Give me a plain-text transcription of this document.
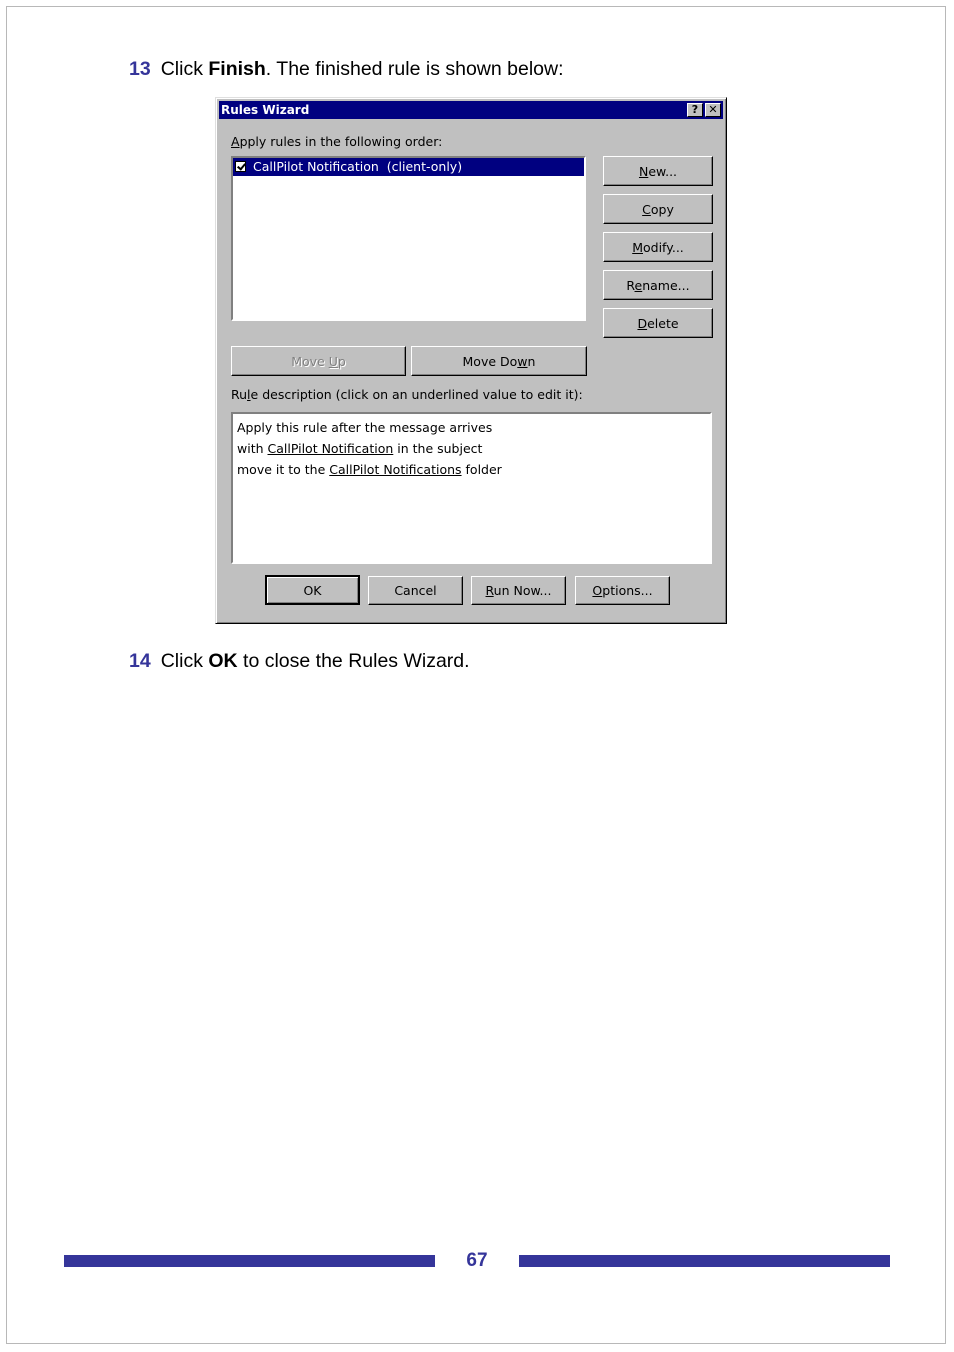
13 Click Finish. The finished rule is shown below:
Rules Wizard	? ✕
Apply rules in the following order:
CallPilot Notification (client-only)	New...
Copy
Modify...
Rename...
Delete
Move Up	Move Down
Rule description (click on an underlined value to edit it):
Apply this rule after the message arrives
with CallPilot Notification in the subject
move it to the CallPilot Notifications folder
OK	Cancel	Run Now...	Options...
14 Click OK to close the Rules Wizard.
67
